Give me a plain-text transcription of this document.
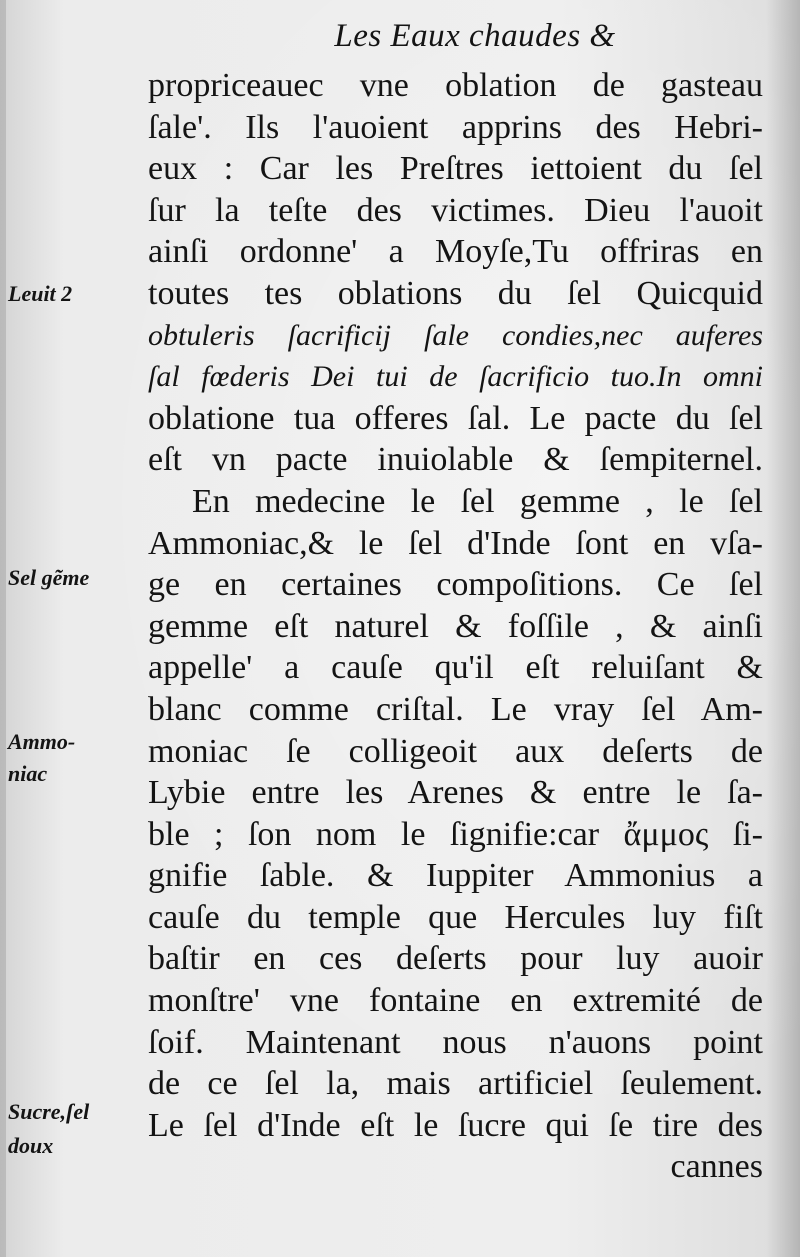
Les Eaux chaudes &
propriceauec vne oblation de gasteau
ſale'. Ils l'auoient apprins des Hebri-
eux : Car les Preſtres iettoient du ſel
ſur la teſte des victimes. Dieu l'auoit
ainſi ordonne' a Moyſe,Tu offriras en
toutes tes oblations du ſel Quicquid
obtuleris ſacrificij ſale condies,nec auferes
ſal fœderis Dei tui de ſacrificio tuo.In omni
oblatione tua offeres ſal. Le pacte du ſel
eſt vn pacte inuiolable & ſempiternel.
En medecine le ſel gemme , le ſel
Ammoniac,& le ſel d'Inde ſont en vſa-
ge en certaines compoſitions. Ce ſel
gemme eſt naturel & foſſile , & ainſi
appelle' a cauſe qu'il eſt reluiſant &
blanc comme criſtal. Le vray ſel Am-
moniac ſe colligeoit aux deſerts de
Lybie entre les Arenes & entre le ſa-
ble ; ſon nom le ſignifie:car ἄμμος ſi-
gnifie ſable. & Iuppiter Ammonius a
cauſe du temple que Hercules luy fiſt
baſtir en ces deſerts pour luy auoir
monſtre' vne fontaine en extremité de
ſoif. Maintenant nous n'auons point
de ce ſel la, mais artificiel ſeulement.
Le ſel d'Inde eſt le ſucre qui ſe tire des
cannes
Leuit 2
Sel gẽme
Ammo-
niac
Sucre,ſel
doux
